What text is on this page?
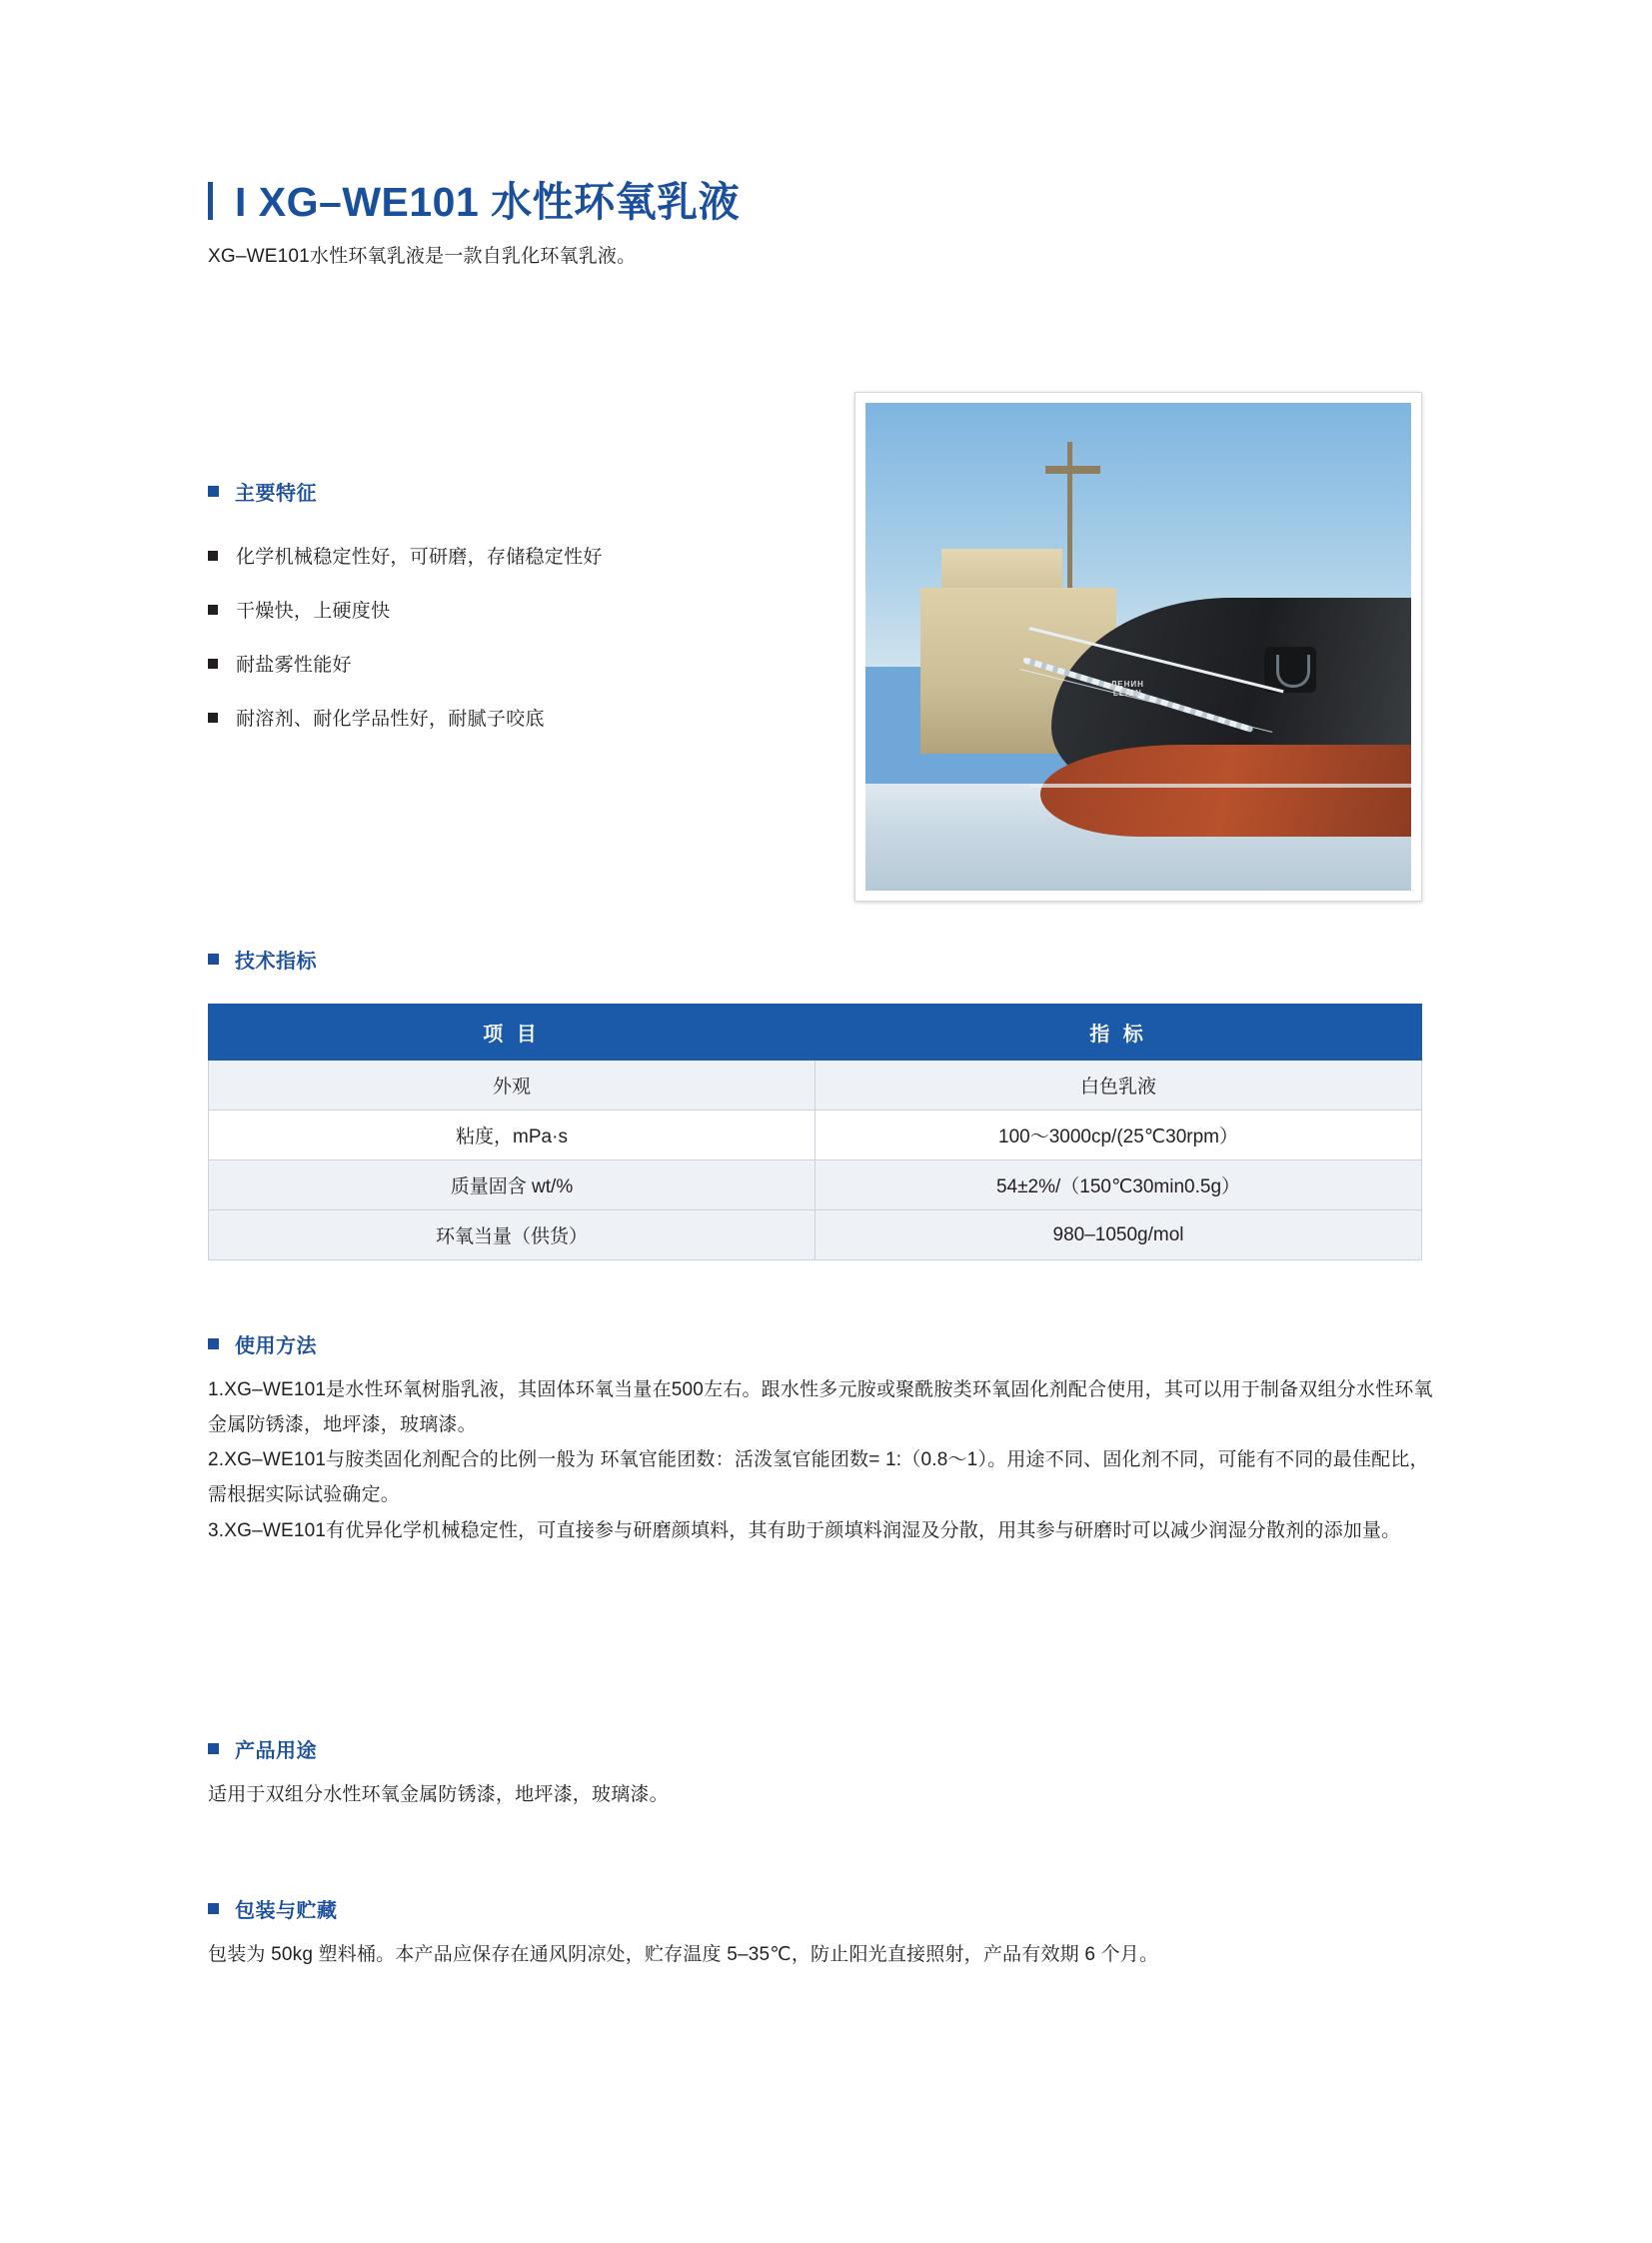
I XG–WE101 水性环氧乳液
XG–WE101水性环氧乳液是一款自乳化环氧乳液。
主要特征
化学机械稳定性好，可研磨，存储稳定性好
干燥快，上硬度快
耐盐雾性能好
耐溶剂、耐化学品性好，耐腻子咬底
ЛЕНИН
LENIN
技术指标
项 目	指 标
外观	白色乳液
粘度，mPa·s	100～3000cp/(25℃30rpm）
质量固含 wt/%	54±2%/（150℃30min0.5g）
环氧当量（供货）	980–1050g/mol
使用方法

1.XG–WE101是水性环氧树脂乳液，其固体环氧当量在500左右。跟水性多元胺或聚酰胺类环氧固化剂配合使用，其可以用于制备双组分水性环氧金属防锈漆，地坪漆，玻璃漆。

2.XG–WE101与胺类固化剂配合的比例一般为 环氧官能团数：活泼氢官能团数= 1:（0.8～1）。用途不同、固化剂不同，可能有不同的最佳配比，需根据实际试验确定。

3.XG–WE101有优异化学机械稳定性，可直接参与研磨颜填料，其有助于颜填料润湿及分散，用其参与研磨时可以减少润湿分散剂的添加量。

产品用途

适用于双组分水性环氧金属防锈漆，地坪漆，玻璃漆。

包装与贮藏

包装为 50kg 塑料桶。本产品应保存在通风阴凉处，贮存温度 5–35℃，防止阳光直接照射，产品有效期 6 个月。
